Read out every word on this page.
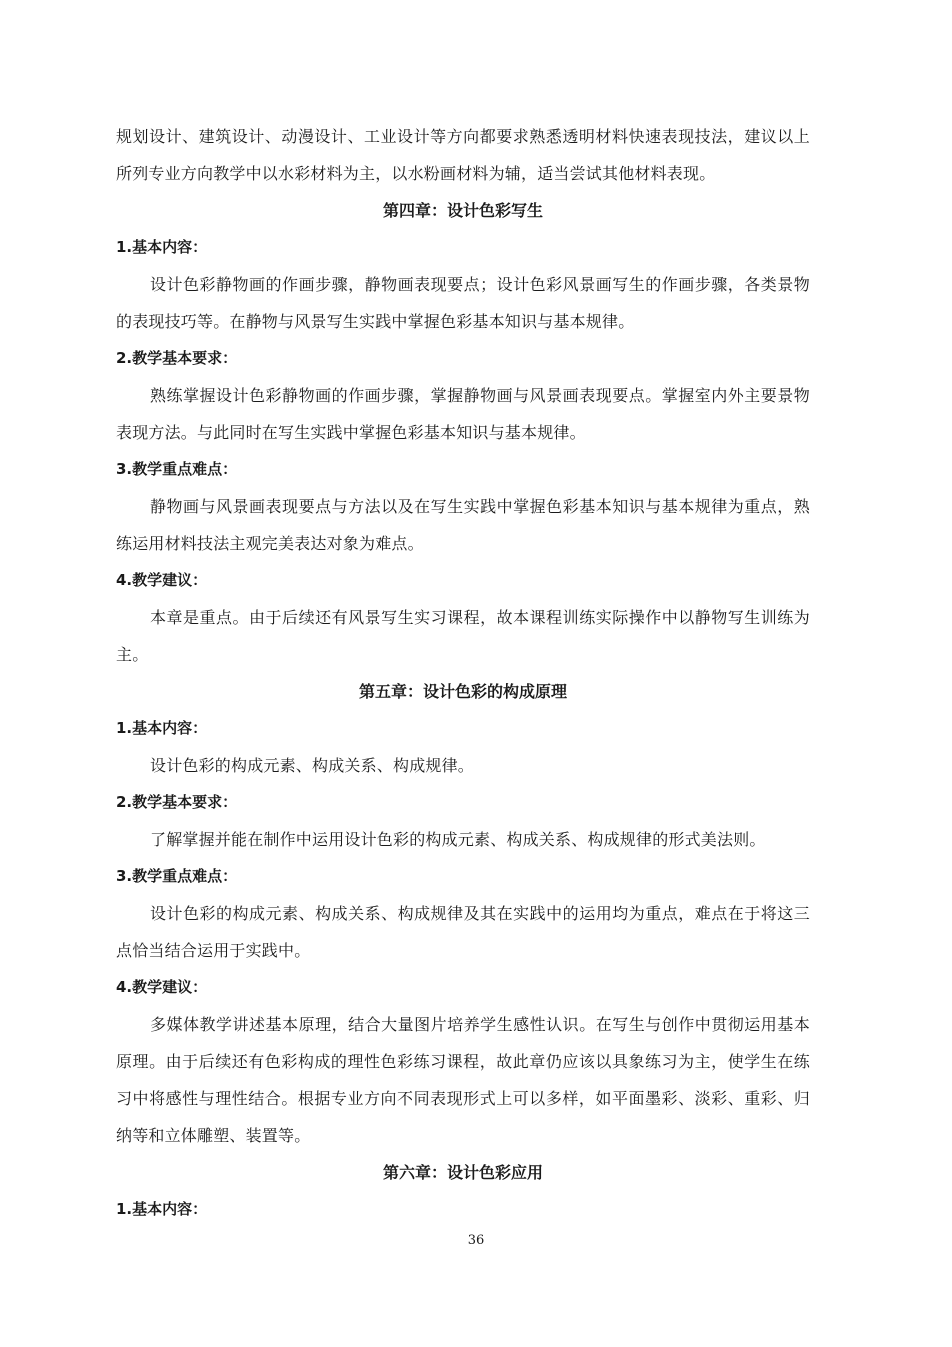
规划设计、建筑设计、动漫设计、工业设计等方向都要求熟悉透明材料快速表现技法，建议以上所列专业方向教学中以水彩材料为主，以水粉画材料为辅，适当尝试其他材料表现。

第四章：设计色彩写生

1.基本内容：

设计色彩静物画的作画步骤，静物画表现要点；设计色彩风景画写生的作画步骤，各类景物的表现技巧等。在静物与风景写生实践中掌握色彩基本知识与基本规律。

2.教学基本要求：

熟练掌握设计色彩静物画的作画步骤，掌握静物画与风景画表现要点。掌握室内外主要景物表现方法。与此同时在写生实践中掌握色彩基本知识与基本规律。

3.教学重点难点：

静物画与风景画表现要点与方法以及在写生实践中掌握色彩基本知识与基本规律为重点，熟练运用材料技法主观完美表达对象为难点。

4.教学建议：

本章是重点。由于后续还有风景写生实习课程，故本课程训练实际操作中以静物写生训练为主。

第五章：设计色彩的构成原理

1.基本内容：

设计色彩的构成元素、构成关系、构成规律。

2.教学基本要求：

了解掌握并能在制作中运用设计色彩的构成元素、构成关系、构成规律的形式美法则。

3.教学重点难点：

设计色彩的构成元素、构成关系、构成规律及其在实践中的运用均为重点，难点在于将这三点恰当结合运用于实践中。

4.教学建议：

多媒体教学讲述基本原理，结合大量图片培养学生感性认识。在写生与创作中贯彻运用基本原理。由于后续还有色彩构成的理性色彩练习课程，故此章仍应该以具象练习为主，使学生在练习中将感性与理性结合。根据专业方向不同表现形式上可以多样，如平面墨彩、淡彩、重彩、归纳等和立体雕塑、装置等。

第六章：设计色彩应用

1.基本内容：

36
